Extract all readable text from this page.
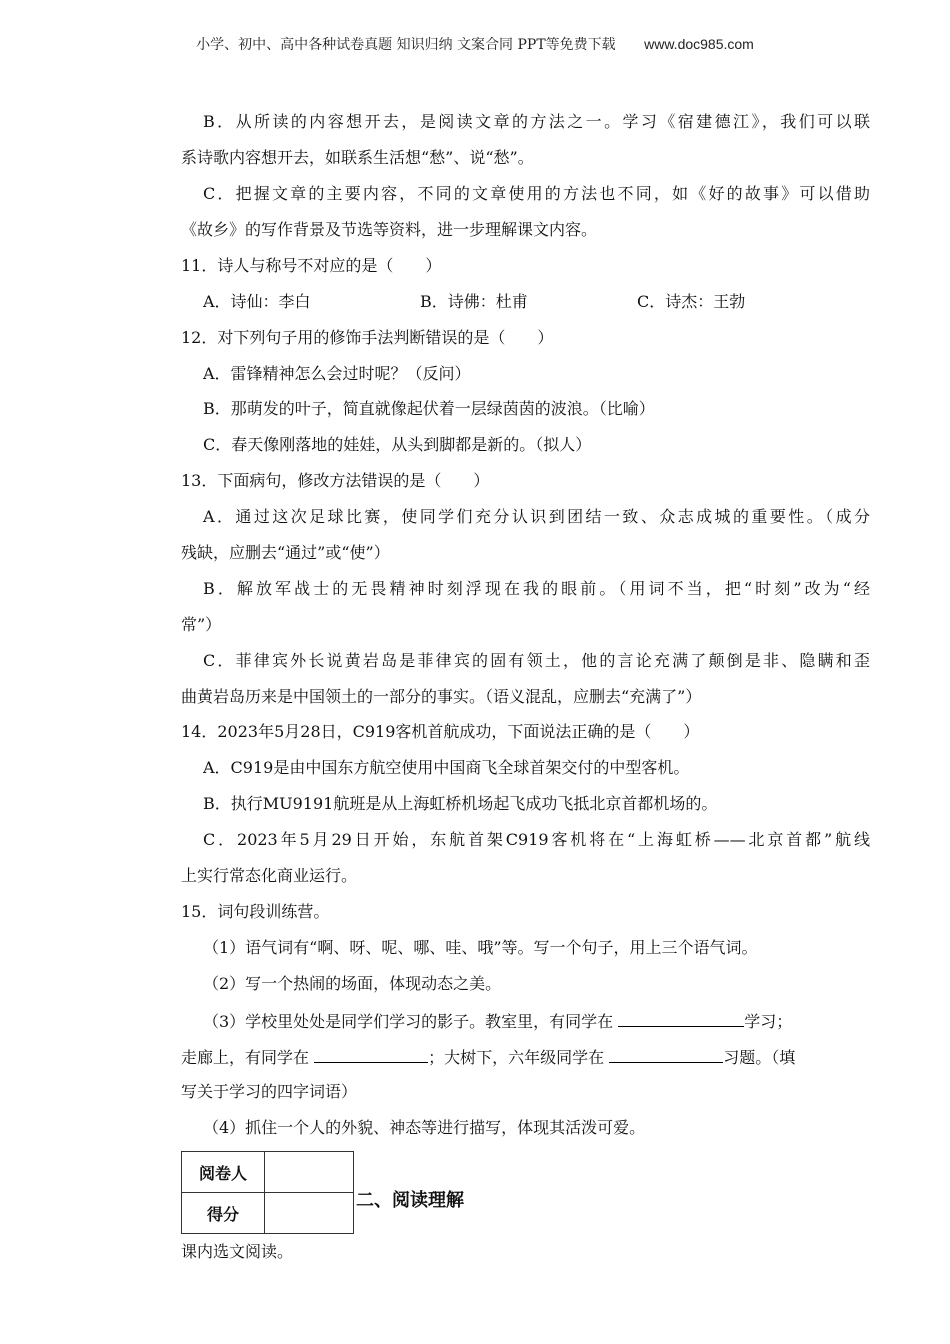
小学、初中、高中各种试卷真题 知识归纳 文案合同 PPT等免费下载 www.doc985.com
B．从所读的内容想开去，是阅读文章的方法之一。学习《宿建德江》，我们可以联
系诗歌内容想开去，如联系生活想“愁”、说“愁”。
C．把握文章的主要内容，不同的文章使用的方法也不同，如《好的故事》可以借助
《故乡》的写作背景及节选等资料，进一步理解课文内容。
11．诗人与称号不对应的是（　　）
A．诗仙：李白	B．诗佛：杜甫	C．诗杰：王勃
12．对下列句子用的修饰手法判断错误的是（　　）
A．雷锋精神怎么会过时呢？（反问）
B．那萌发的叶子，简直就像起伏着一层绿茵茵的波浪。（比喻）
C．春天像刚落地的娃娃，从头到脚都是新的。（拟人）
13．下面病句，修改方法错误的是（　　）
A．通过这次足球比赛，使同学们充分认识到团结一致、众志成城的重要性。（成分
残缺，应删去“通过”或“使”）
B．解放军战士的无畏精神时刻浮现在我的眼前。（用词不当，把“时刻”改为“经
常”）
C．菲律宾外长说黄岩岛是菲律宾的固有领土，他的言论充满了颠倒是非、隐瞒和歪
曲黄岩岛历来是中国领土的一部分的事实。（语义混乱，应删去“充满了”）
14．2023年5月28日，C919客机首航成功，下面说法正确的是（　　）
A．C919是由中国东方航空使用中国商飞全球首架交付的中型客机。
B．执行MU9191航班是从上海虹桥机场起飞成功飞抵北京首都机场的。
C．2023年5月29日开始，东航首架C919客机将在“上海虹桥——北京首都”航线
上实行常态化商业运行。
15．词句段训练营。
（1）语气词有“啊、呀、呢、哪、哇、哦”等。写一个句子，用上三个语气词。
（2）写一个热闹的场面，体现动态之美。
（3）学校里处处是同学们学习的影子。教室里，有同学在	学习；
走廊上，有同学在	；大树下，六年级同学在	习题。（填
写关于学习的四字词语）
（4）抓住一个人的外貌、神态等进行描写，体现其活泼可爱。
阅卷人	
得分	
二、阅读理解
课内选文阅读。
